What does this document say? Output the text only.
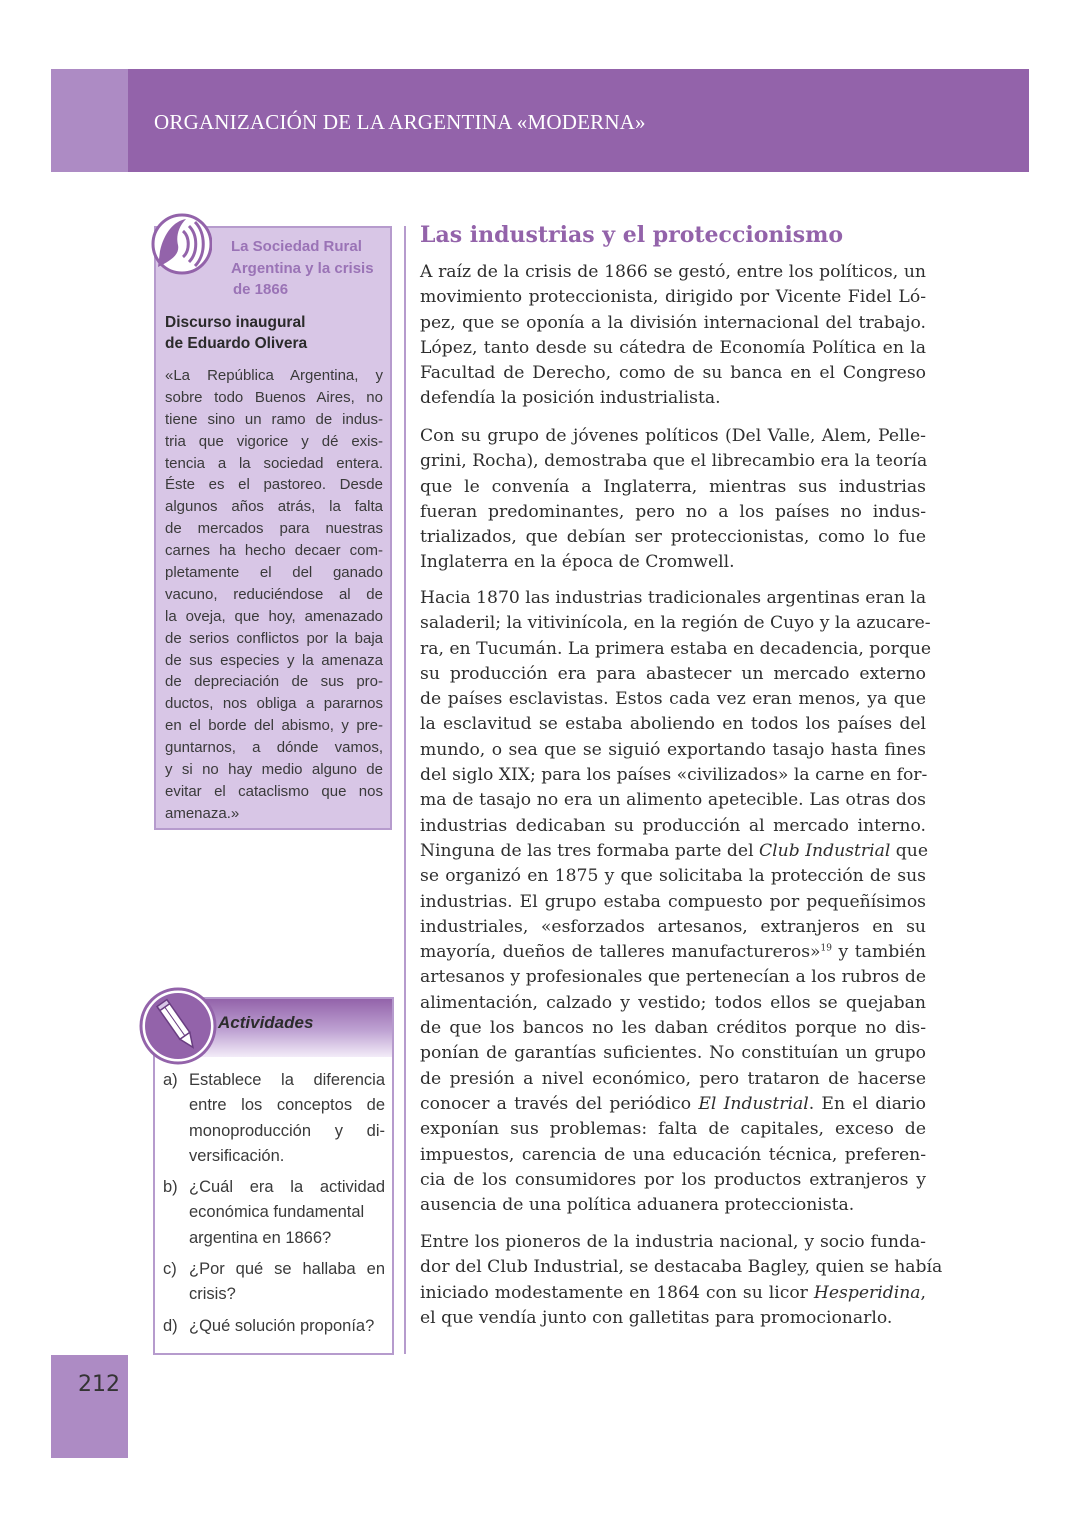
ORGANIZACIÓN DE LA ARGENTINA «MODERNA»
La Sociedad Rural
Argentina y la crisis
de 1866
Discurso inaugural
de Eduardo Olivera
«La República Argentina, y
sobre todo Buenos Aires, no
tiene sino un ramo de indus-
tria que vigorice y dé exis-
tencia a la sociedad entera.
Éste es el pastoreo. Desde
algunos años atrás, la falta
de mercados para nuestras
carnes ha hecho decaer com-
pletamente el del ganado
vacuno, reduciéndose al de
la oveja, que hoy, amenazado
de serios conflictos por la baja
de sus especies y la amenaza
de depreciación de sus pro-
ductos, nos obliga a pararnos
en el borde del abismo, y pre-
guntarnos, a dónde vamos,
y si no hay medio alguno de
evitar el cataclismo que nos
amenaza.»
Actividades
a) Establece la diferencia
entre los conceptos de
monoproducción y di-
versificación.
b) ¿Cuál era la actividad
económica fundamental
argentina en 1866?
c) ¿Por qué se hallaba en
crisis?
d) ¿Qué solución proponía?
Las industrias y el proteccionismo
A raíz de la crisis de 1866 se gestó, entre los políticos, un
movimiento proteccionista, dirigido por Vicente Fidel Ló-
pez, que se oponía a la división internacional del trabajo.
López, tanto desde su cátedra de Economía Política en la
Facultad de Derecho, como de su banca en el Congreso
defendía la posición industrialista.
Con su grupo de jóvenes políticos (Del Valle, Alem, Pelle-
grini, Rocha), demostraba que el librecambio era la teoría
que le convenía a Inglaterra, mientras sus industrias
fueran predominantes, pero no a los países no indus-
trializados, que debían ser proteccionistas, como lo fue
Inglaterra en la época de Cromwell.
Hacia 1870 las industrias tradicionales argentinas eran la
saladeril; la vitivinícola, en la región de Cuyo y la azucare-
ra, en Tucumán. La primera estaba en decadencia, porque
su producción era para abastecer un mercado externo
de países esclavistas. Estos cada vez eran menos, ya que
la esclavitud se estaba aboliendo en todos los países del
mundo, o sea que se siguió exportando tasajo hasta fines
del siglo XIX; para los países «civilizados» la carne en for-
ma de tasajo no era un alimento apetecible. Las otras dos
industrias dedicaban su producción al mercado interno.
Ninguna de las tres formaba parte del Club Industrial que
se organizó en 1875 y que solicitaba la protección de sus
industrias. El grupo estaba compuesto por pequeñísimos
industriales, «esforzados artesanos, extranjeros en su
mayoría, dueños de talleres manufactureros»$^{19}$ y también
artesanos y profesionales que pertenecían a los rubros de
alimentación, calzado y vestido; todos ellos se quejaban
de que los bancos no les daban créditos porque no dis-
ponían de garantías suficientes. No constituían un grupo
de presión a nivel económico, pero trataron de hacerse
conocer a través del periódico El Industrial. En el diario
exponían sus problemas: falta de capitales, exceso de
impuestos, carencia de una educación técnica, preferen-
cia de los consumidores por los productos extranjeros y
ausencia de una política aduanera proteccionista.
Entre los pioneros de la industria nacional, y socio funda-
dor del Club Industrial, se destacaba Bagley, quien se había
iniciado modestamente en 1864 con su licor Hesperidina,
el que vendía junto con galletitas para promocionarlo.
212
